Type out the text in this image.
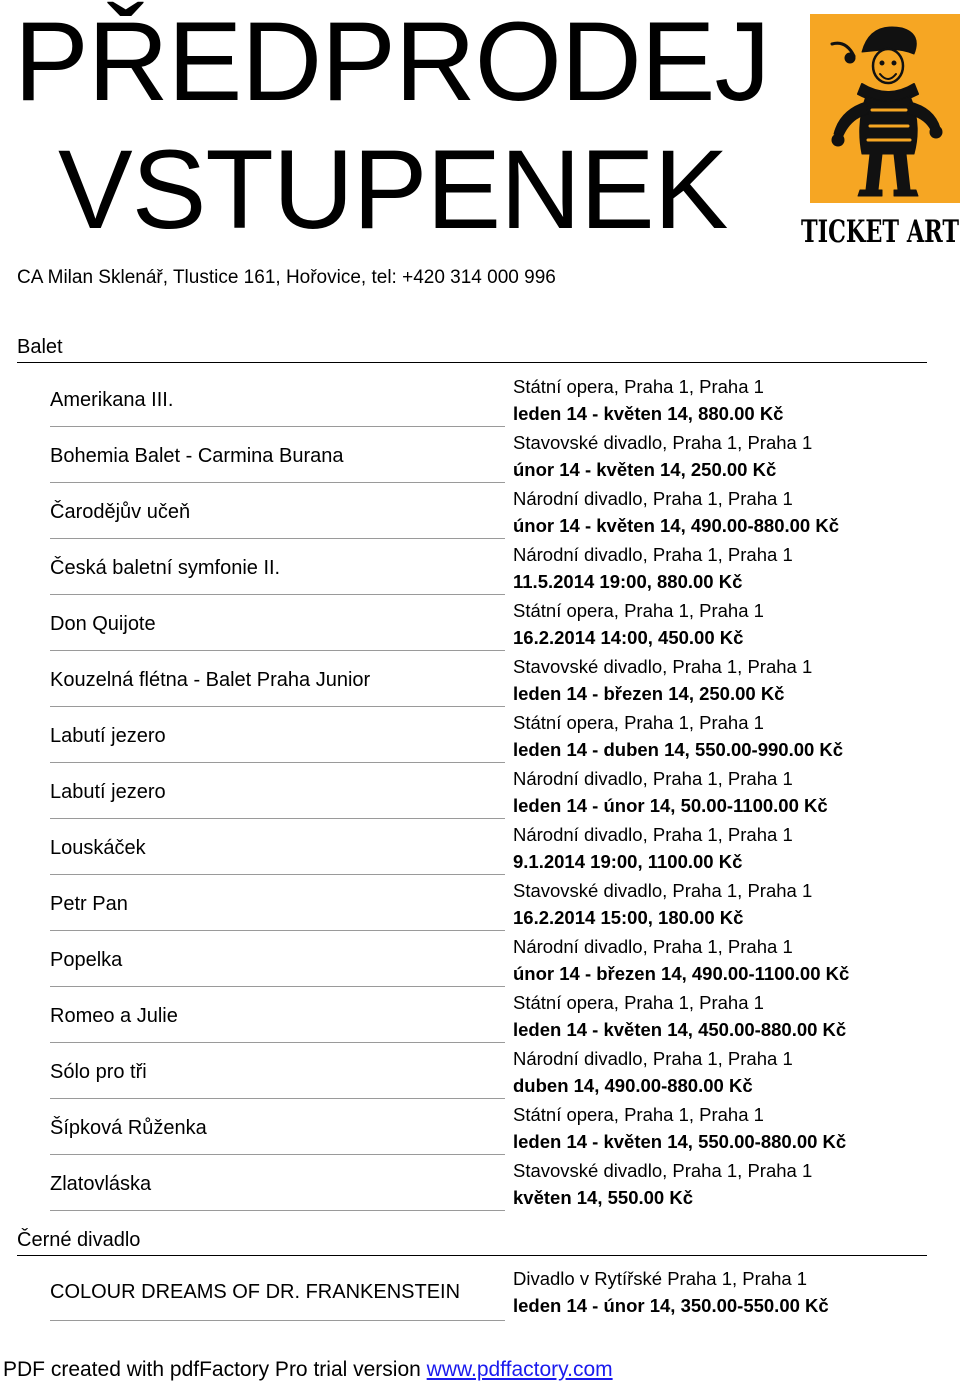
PŘEDPRODEJ
VSTUPENEK TICKET ART
CA Milan Sklenář, Tlustice 161, Hořovice, tel: +420 314 000 996
Balet
Amerikana III.
Státní opera, Praha 1, Praha 1
leden 14 - květen 14, 880.00 Kč
Bohemia Balet - Carmina Burana
Stavovské divadlo, Praha 1, Praha 1
únor 14 - květen 14, 250.00 Kč
Čarodějův učeň
Národní divadlo, Praha 1, Praha 1
únor 14 - květen 14, 490.00-880.00 Kč
Česká baletní symfonie II.
Národní divadlo, Praha 1, Praha 1
11.5.2014 19:00, 880.00 Kč
Don Quijote
Státní opera, Praha 1, Praha 1
16.2.2014 14:00, 450.00 Kč
Kouzelná flétna - Balet Praha Junior
Stavovské divadlo, Praha 1, Praha 1
leden 14 - březen 14, 250.00 Kč
Labutí jezero
Státní opera, Praha 1, Praha 1
leden 14 - duben 14, 550.00-990.00 Kč
Labutí jezero
Národní divadlo, Praha 1, Praha 1
leden 14 - únor 14, 50.00-1100.00 Kč
Louskáček
Národní divadlo, Praha 1, Praha 1
9.1.2014 19:00, 1100.00 Kč
Petr Pan
Stavovské divadlo, Praha 1, Praha 1
16.2.2014 15:00, 180.00 Kč
Popelka
Národní divadlo, Praha 1, Praha 1
únor 14 - březen 14, 490.00-1100.00 Kč
Romeo a Julie
Státní opera, Praha 1, Praha 1
leden 14 - květen 14, 450.00-880.00 Kč
Sólo pro tři
Národní divadlo, Praha 1, Praha 1
duben 14, 490.00-880.00 Kč
Šípková Růženka
Státní opera, Praha 1, Praha 1
leden 14 - květen 14, 550.00-880.00 Kč
Zlatovláska
Stavovské divadlo, Praha 1, Praha 1
květen 14, 550.00 Kč
Černé divadlo
COLOUR DREAMS OF DR. FRANKENSTEIN
Divadlo v Rytířské Praha 1, Praha 1
leden 14 - únor 14, 350.00-550.00 Kč
PDF created with pdfFactory Pro trial version www.pdffactory.com
